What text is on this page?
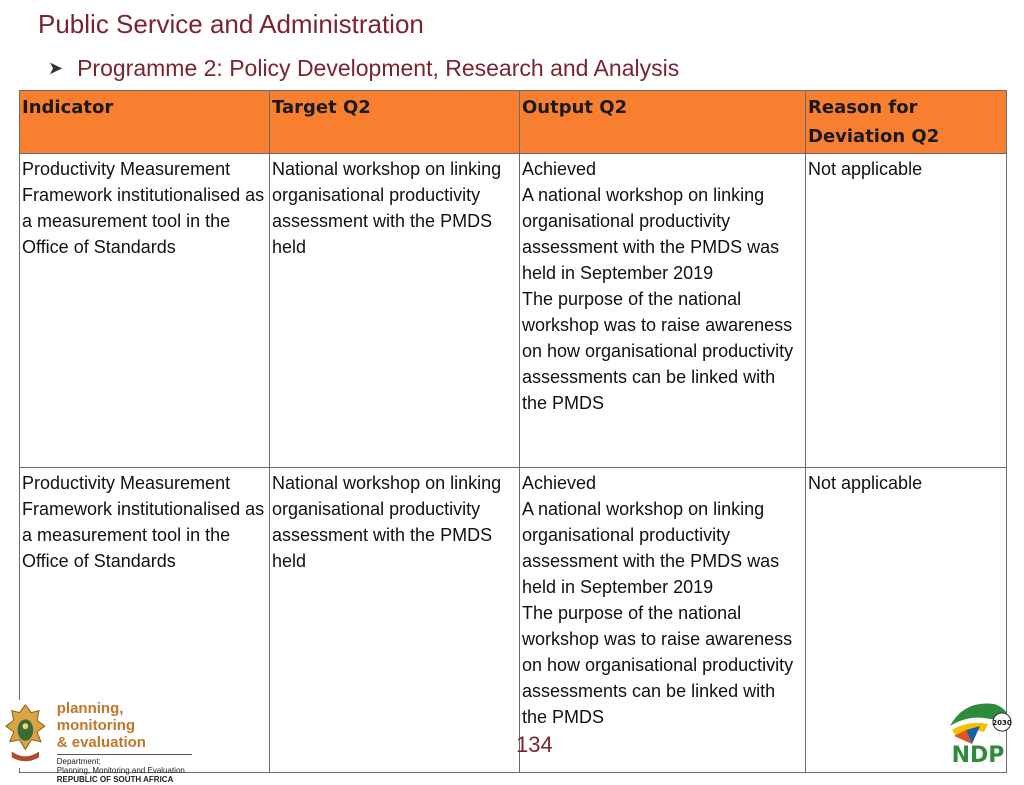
Public Service and Administration
➤ Programme 2: Policy Development, Research and Analysis
Indicator	Target Q2	Output Q2	Reason for Deviation Q2
Productivity Measurement Framework institutionalised as a measurement tool in the Office of Standards	National workshop on linking organisational productivity assessment with the PMDS held	Achieved
A national workshop on linking organisational productivity assessment with the PMDS was held in September 2019
The purpose of the national workshop was to raise awareness on how organisational productivity assessments can be linked with the PMDS	Not applicable
Productivity Measurement Framework institutionalised as a measurement tool in the Office of Standards	National workshop on linking organisational productivity assessment with the PMDS held	Achieved
A national workshop on linking organisational productivity assessment with the PMDS was held in September 2019
The purpose of the national workshop was to raise awareness on how organisational productivity assessments can be linked with the PMDS	Not applicable
planning, monitoring
& evaluation
Department:
Planning, Monitoring and Evaluation
REPUBLIC OF SOUTH AFRICA
134
2030
NDP
